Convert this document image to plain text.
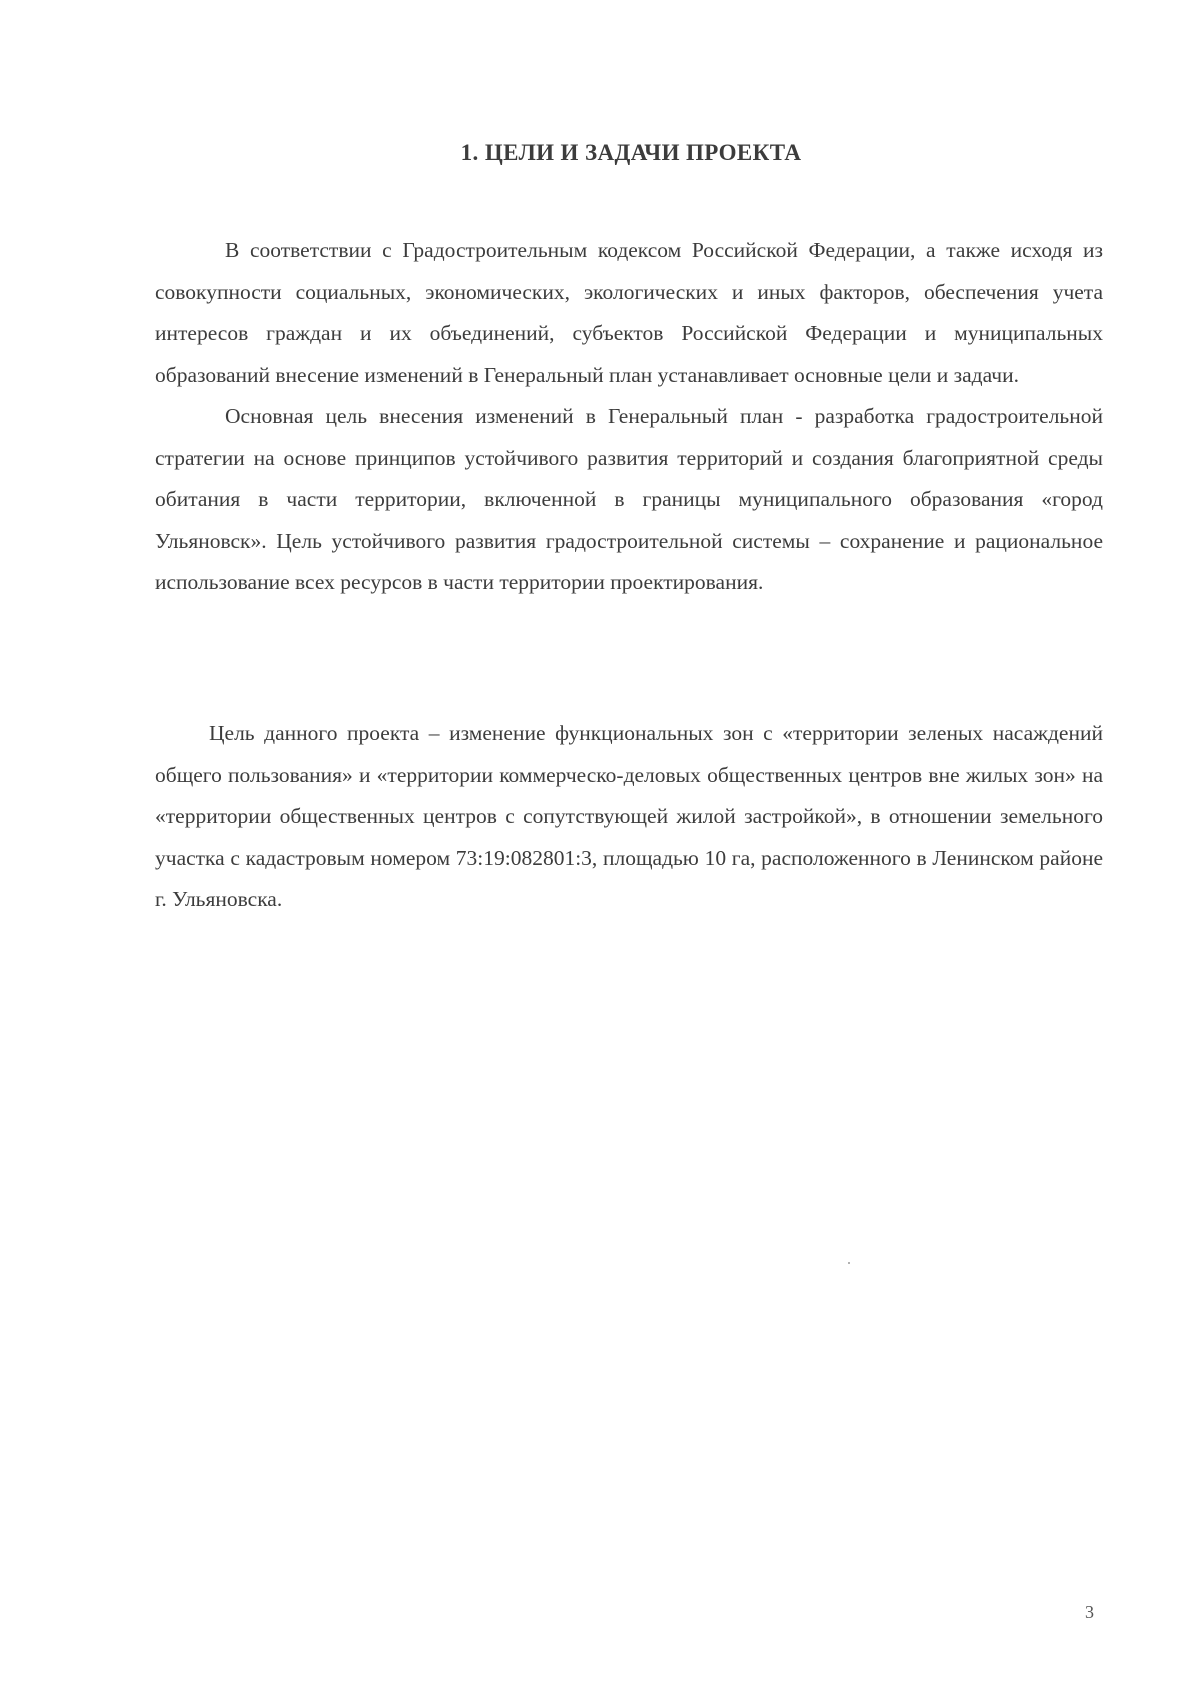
1. ЦЕЛИ И ЗАДАЧИ ПРОЕКТА

В соответствии с Градостроительным кодексом Российской Федерации, а также исходя из совокупности социальных, экономических, экологических и иных факторов, обеспечения учета интересов граждан и их объединений, субъектов Российской Федерации и муниципальных образований внесение изменений в Генеральный план устанавливает основные цели и задачи.

Основная цель внесения изменений в Генеральный план - разработка градостроительной стратегии на основе принципов устойчивого развития территорий и создания благоприятной среды обитания в части территории, включенной в границы муниципального образования «город Ульяновск». Цель устойчивого развития градостроительной системы – сохранение и рациональное использование всех ресурсов в части территории проектирования.

Цель данного проекта – изменение функциональных зон с «территории зеленых насаждений общего пользования» и «территории коммерческо-деловых общественных центров вне жилых зон» на «территории общественных центров с сопутствующей жилой застройкой», в отношении земельного участка с кадастровым номером 73:19:082801:3, площадью 10 га, расположенного в Ленинском районе г. Ульяновска.

3
